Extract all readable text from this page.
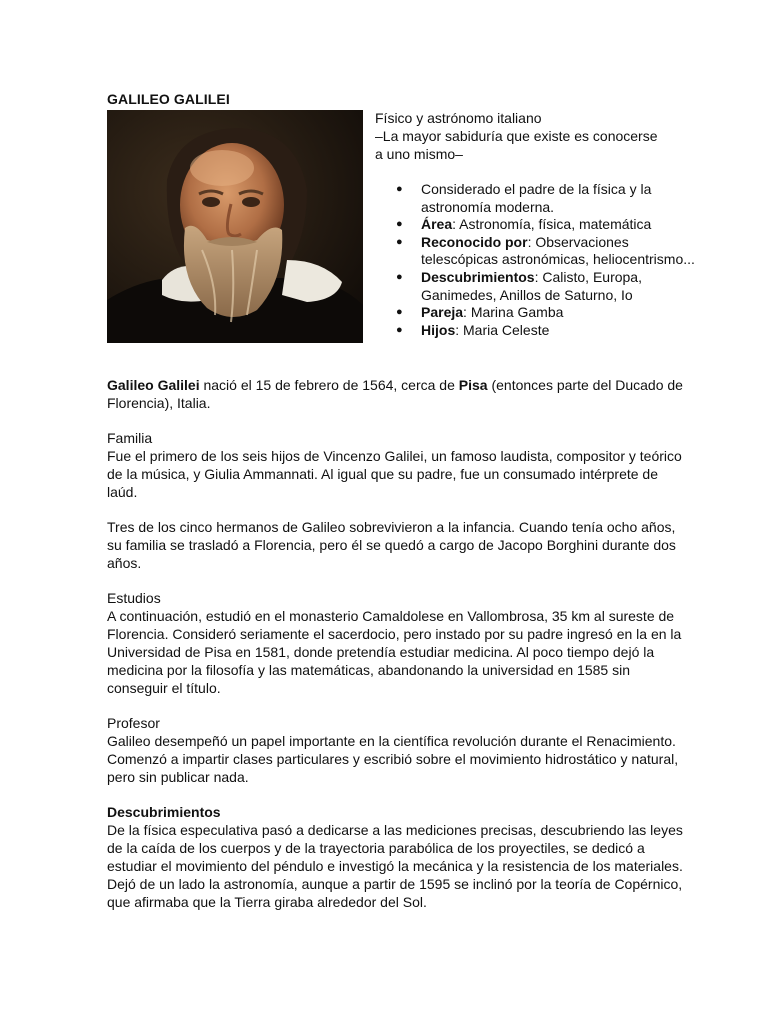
GALILEO GALILEI

Físico y astrónomo italiano

–La mayor sabiduría que existe es conocerse

a uno mismo–

● Considerado el padre de la física y la astronomía moderna.
● Área: Astronomía, física, matemática
● Reconocido por: Observaciones telescópicas astronómicas, heliocentrismo...
● Descubrimientos: Calisto, Europa, Ganimedes, Anillos de Saturno, Io
● Pareja: Marina Gamba
● Hijos: Maria Celeste

Galileo Galilei nació el 15 de febrero de 1564, cerca de Pisa (entonces parte del Ducado de Florencia), Italia.

Familia
Fue el primero de los seis hijos de Vincenzo Galilei, un famoso laudista, compositor y teórico de la música, y Giulia Ammannati. Al igual que su padre, fue un consumado intérprete de laúd.

Tres de los cinco hermanos de Galileo sobrevivieron a la infancia. Cuando tenía ocho años, su familia se trasladó a Florencia, pero él se quedó a cargo de Jacopo Borghini durante dos años.

Estudios
A continuación, estudió en el monasterio Camaldolese en Vallombrosa, 35 km al sureste de Florencia. Consideró seriamente el sacerdocio, pero instado por su padre ingresó en la en la Universidad de Pisa en 1581, donde pretendía estudiar medicina. Al poco tiempo dejó la medicina por la filosofía y las matemáticas, abandonando la universidad en 1585 sin conseguir el título.

Profesor
Galileo desempeñó un papel importante en la científica revolución durante el Renacimiento. Comenzó a impartir clases particulares y escribió sobre el movimiento hidrostático y natural, pero sin publicar nada.

Descubrimientos
De la física especulativa pasó a dedicarse a las mediciones precisas, descubriendo las leyes de la caída de los cuerpos y de la trayectoria parabólica de los proyectiles, se dedicó a estudiar el movimiento del péndulo e investigó la mecánica y la resistencia de los materiales. Dejó de un lado la astronomía, aunque a partir de 1595 se inclinó por la teoría de Copérnico, que afirmaba que la Tierra giraba alrededor del Sol.
